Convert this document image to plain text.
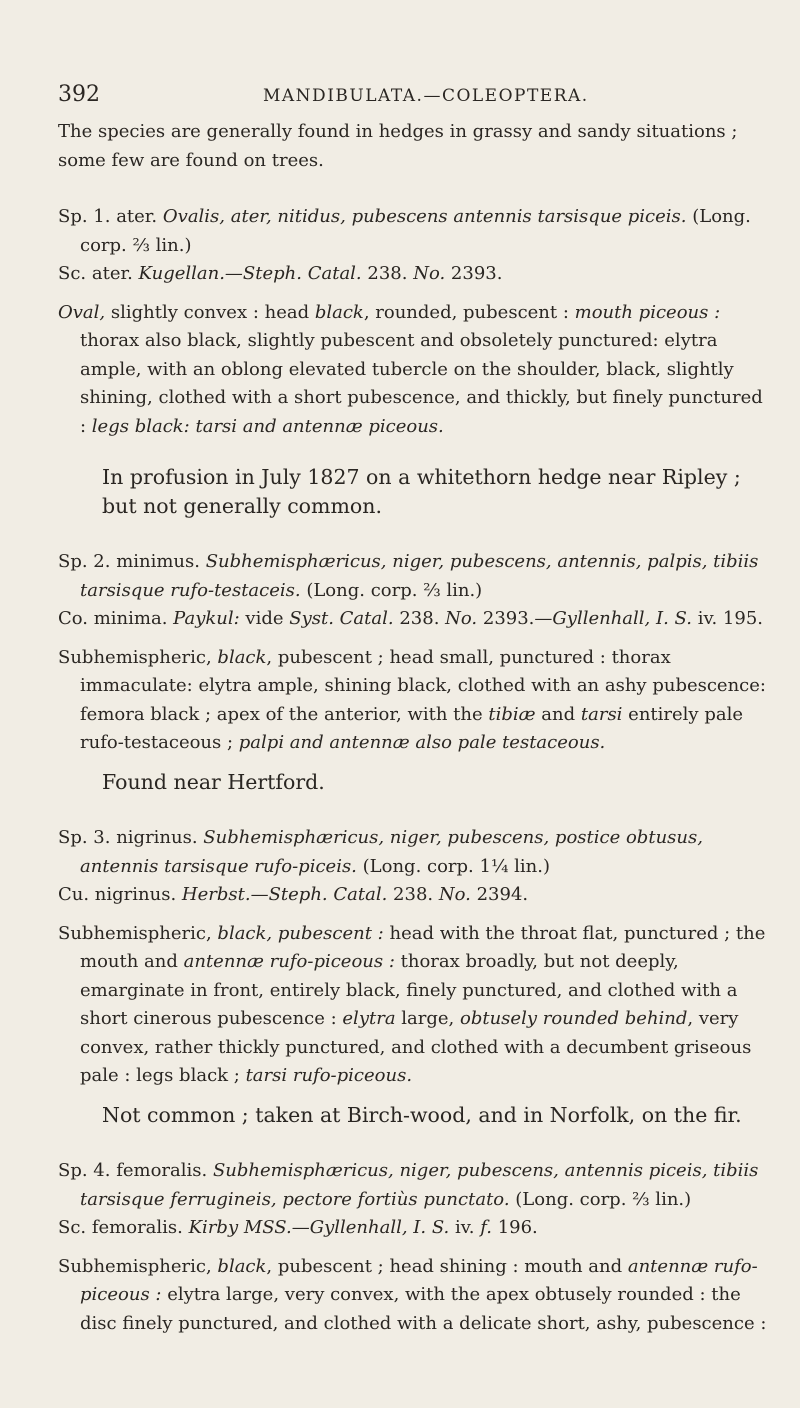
392	MANDIBULATA.—COLEOPTERA.

The species are generally found in hedges in grassy and sandy situations ; some few are found on trees.

Sp. 1. ater. Ovalis, ater, nitidus, pubescens antennis tarsisque piceis. (Long. corp. ⅔ lin.)

Sc. ater. Kugellan.—Steph. Catal. 238. No. 2393.

Oval, slightly convex : head black, rounded, pubescent : mouth piceous : thorax also black, slightly pubescent and obsoletely punctured: elytra ample, with an oblong elevated tubercle on the shoulder, black, slightly shining, clothed with a short pubescence, and thickly, but finely punctured : legs black: tarsi and antennæ piceous.

In profusion in July 1827 on a whitethorn hedge near Ripley ; but not generally common.

Sp. 2. minimus. Subhemisphæricus, niger, pubescens, antennis, palpis, tibiis tarsisque rufo-testaceis. (Long. corp. ⅔ lin.)

Co. minima. Paykul: vide Syst. Catal. 238. No. 2393.—Gyllenhall, I. S. iv. 195.

Subhemispheric, black, pubescent ; head small, punctured : thorax immaculate: elytra ample, shining black, clothed with an ashy pubescence: femora black ; apex of the anterior, with the tibiæ and tarsi entirely pale rufo-testaceous ; palpi and antennæ also pale testaceous.

Found near Hertford.

Sp. 3. nigrinus. Subhemisphæricus, niger, pubescens, postice obtusus, antennis tarsisque rufo-piceis. (Long. corp. 1¼ lin.)

Cu. nigrinus. Herbst.—Steph. Catal. 238. No. 2394.

Subhemispheric, black, pubescent : head with the throat flat, punctured ; the mouth and antennæ rufo-piceous : thorax broadly, but not deeply, emarginate in front, entirely black, finely punctured, and clothed with a short cinerous pubescence : elytra large, obtusely rounded behind, very convex, rather thickly punctured, and clothed with a decumbent griseous pale : legs black ; tarsi rufo-piceous.

Not common ; taken at Birch-wood, and in Norfolk, on the fir.

Sp. 4. femoralis. Subhemisphæricus, niger, pubescens, antennis piceis, tibiis tarsisque ferrugineis, pectore fortiùs punctato. (Long. corp. ⅔ lin.)

Sc. femoralis. Kirby MSS.—Gyllenhall, I. S. iv. f. 196.

Subhemispheric, black, pubescent ; head shining : mouth and antennæ rufo-piceous : elytra large, very convex, with the apex obtusely rounded : the disc finely punctured, and clothed with a delicate short, ashy, pubescence :
